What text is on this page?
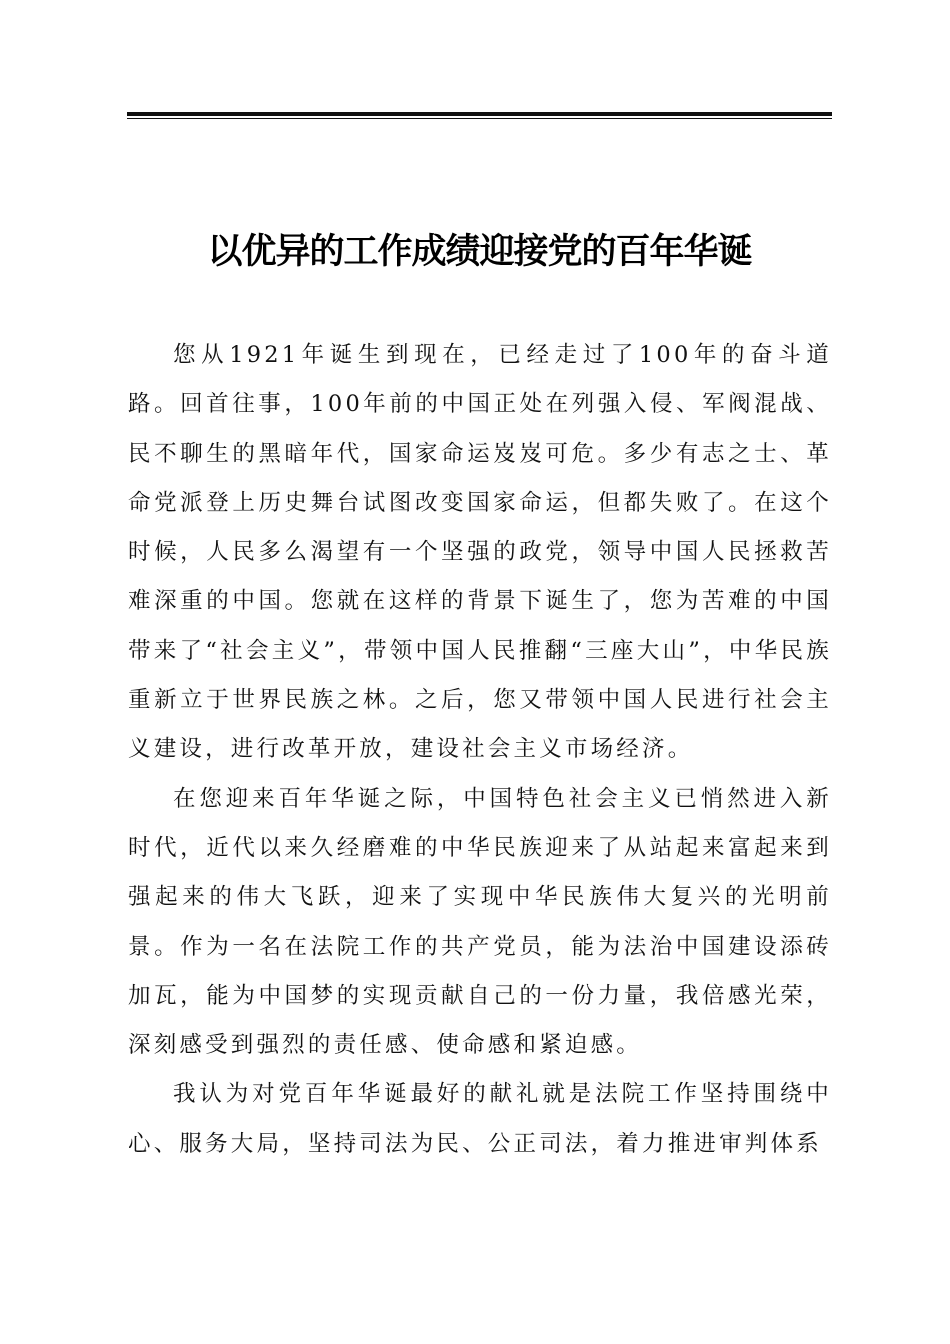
以优异的工作成绩迎接党的百年华诞

您从1921年诞生到现在，已经走过了100年的奋斗道路。回首往事，100年前的中国正处在列强入侵、军阀混战、民不聊生的黑暗年代，国家命运岌岌可危。多少有志之士、革命党派登上历史舞台试图改变国家命运，但都失败了。在这个时候，人民多么渴望有一个坚强的政党，领导中国人民拯救苦难深重的中国。您就在这样的背景下诞生了，您为苦难的中国带来了“社会主义”，带领中国人民推翻“三座大山”，中华民族重新立于世界民族之林。之后，您又带领中国人民进行社会主义建设，进行改革开放，建设社会主义市场经济。

在您迎来百年华诞之际，中国特色社会主义已悄然进入新时代，近代以来久经磨难的中华民族迎来了从站起来富起来到强起来的伟大飞跃，迎来了实现中华民族伟大复兴的光明前景。作为一名在法院工作的共产党员，能为法治中国建设添砖加瓦，能为中国梦的实现贡献自己的一份力量，我倍感光荣，深刻感受到强烈的责任感、使命感和紧迫感。

我认为对党百年华诞最好的献礼就是法院工作坚持围绕中心、服务大局，坚持司法为民、公正司法，着力推进审判体系
